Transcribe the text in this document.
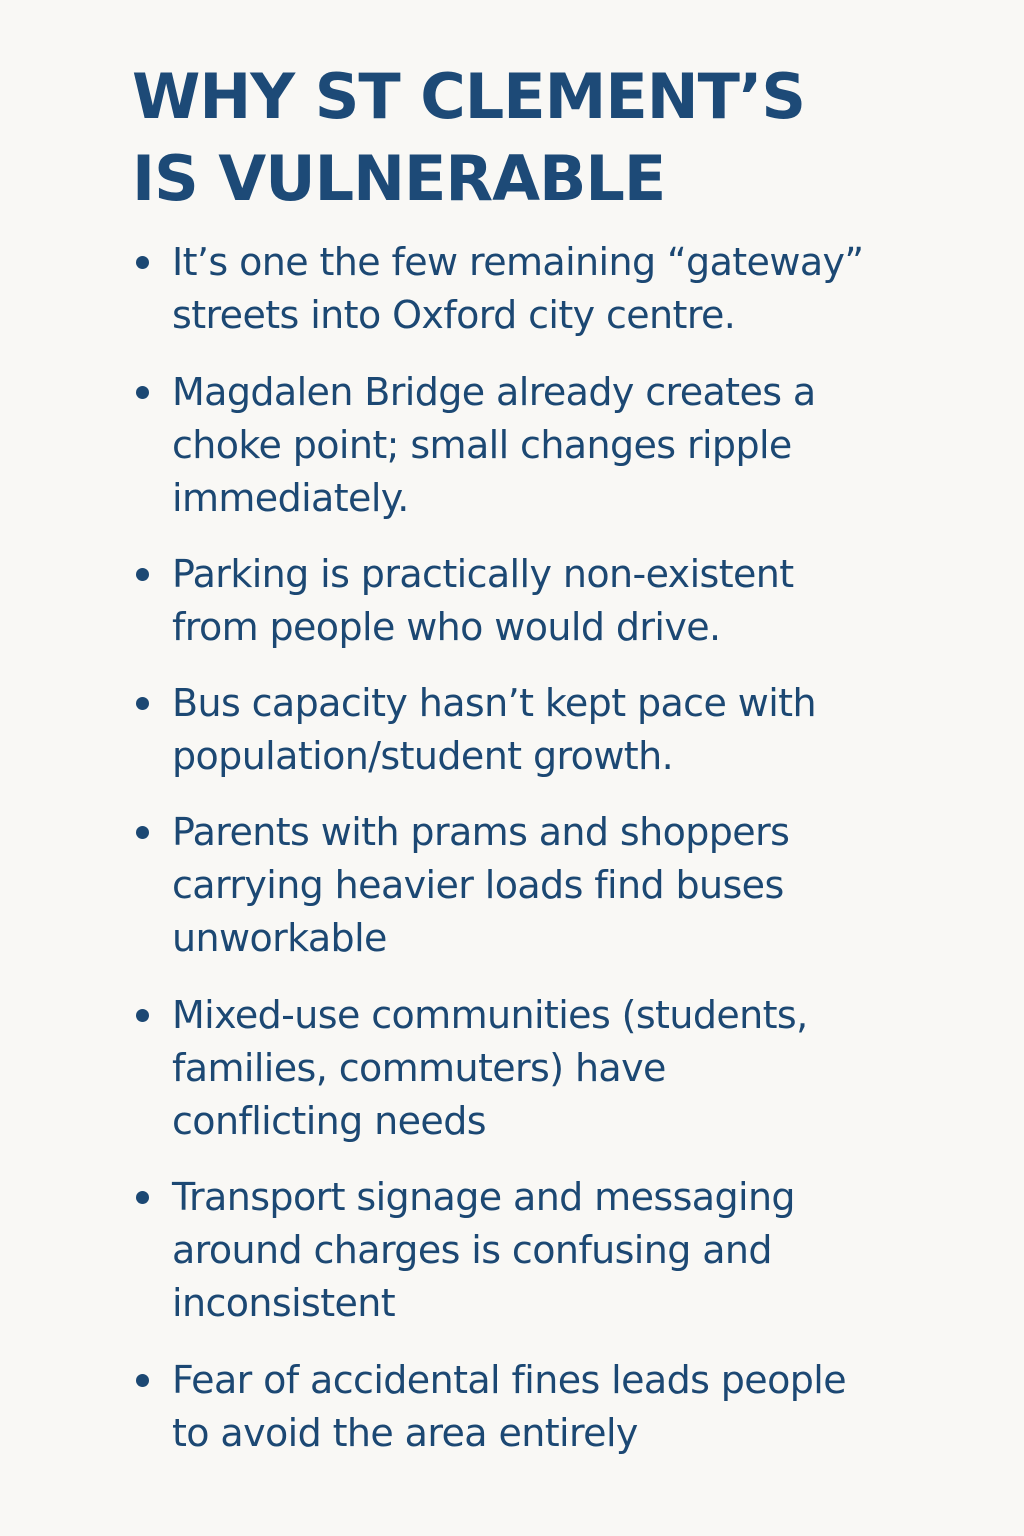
WHY ST CLEMENT’S
IS VULNERABLE
It’s one the few remaining “gateway”
streets into Oxford city centre.
Magdalen Bridge already creates a
choke point; small changes ripple
immediately.
Parking is practically non-existent
from people who would drive.
Bus capacity hasn’t kept pace with
population/student growth.
Parents with prams and shoppers
carrying heavier loads find buses
unworkable
Mixed-use communities (students,
families, commuters) have
conflicting needs
Transport signage and messaging
around charges is confusing and
inconsistent
Fear of accidental fines leads people
to avoid the area entirely
